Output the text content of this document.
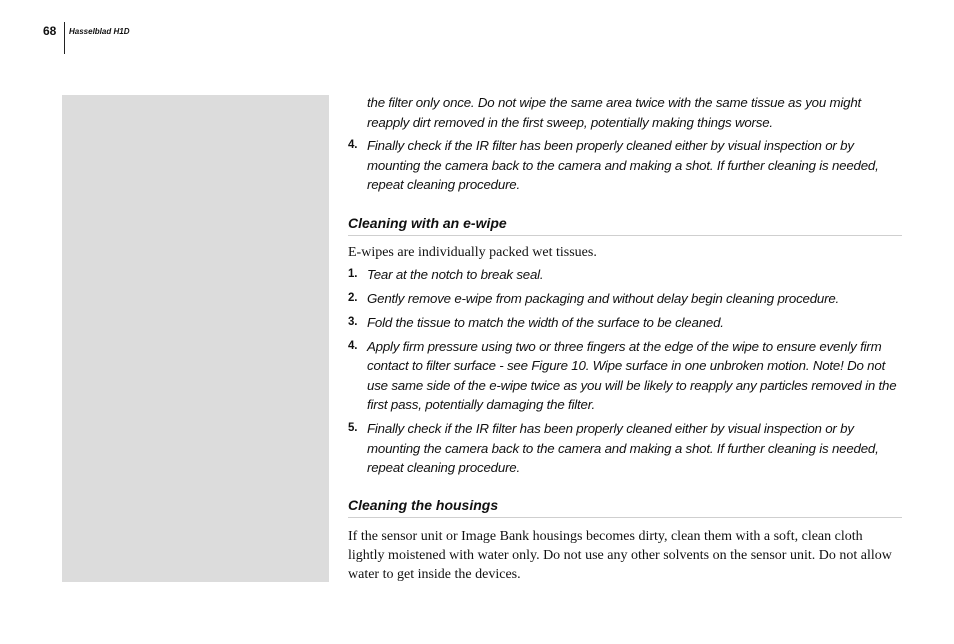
68 Hasselblad H1D

the filter only once. Do not wipe the same area twice with the same tissue as you might reapply dirt removed in the first sweep, potentially making things worse.

4. Finally check if the IR filter has been properly cleaned either by visual inspection or by mounting the camera back to the camera and making a shot. If further cleaning is needed, repeat cleaning procedure.
Cleaning with an e-wipe

E-wipes are individually packed wet tissues.

1. Tear at the notch to break seal.
2. Gently remove e-wipe from packaging and without delay begin cleaning procedure.
3. Fold the tissue to match the width of the surface to be cleaned.
4. Apply firm pressure using two or three fingers at the edge of the wipe to ensure evenly firm contact to filter surface - see Figure 10. Wipe surface in one unbroken motion. Note! Do not use same side of the e-wipe twice as you will be likely to reapply any particles removed in the first pass, potentially damaging the filter.
5. Finally check if the IR filter has been properly cleaned either by visual inspection or by mounting the camera back to the camera and making a shot. If further cleaning is needed, repeat cleaning procedure.
Cleaning the housings

If the sensor unit or Image Bank housings becomes dirty, clean them with a soft, clean cloth lightly moistened with water only. Do not use any other solvents on the sensor unit. Do not allow water to get inside the devices.
